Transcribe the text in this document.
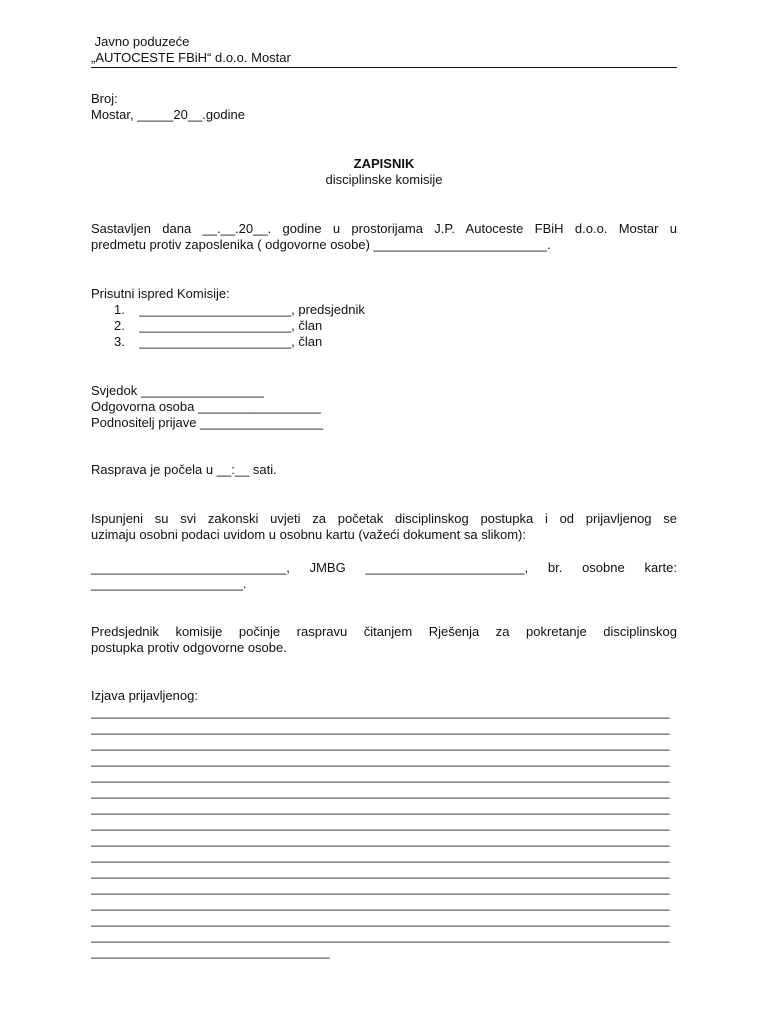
Javno poduzeće
„AUTOCESTE FBiH“ d.o.o. Mostar
Broj:
Mostar, _____20__.godine
ZAPISNIK
disciplinske komisije
Sastavljen dana __.__.20__. godine u prostorijama J.P. Autoceste FBiH d.o.o. Mostar u
predmetu protiv zaposlenika ( odgovorne osobe) ________________________.
Prisutni ispred Komisije:
1. _____________________, predsjednik
2. _____________________, član
3. _____________________, član
Svjedok _________________
Odgovorna osoba _________________
Podnositelj prijave _________________
Rasprava je počela u __:__ sati.
Ispunjeni su svi zakonski uvjeti za početak disciplinskog postupka i od prijavljenog se
uzimaju osobni podaci uvidom u osobnu kartu (važeći dokument sa slikom):
___________________________, JMBG ______________________, br. osobne karte:
_____________________.
Predsjednik komisije počinje raspravu čitanjem Rješenja za pokretanje disciplinskog
postupka protiv odgovorne osobe.
Izjava prijavljenog:
________________________________________________________________________________
________________________________________________________________________________
________________________________________________________________________________
________________________________________________________________________________
________________________________________________________________________________
________________________________________________________________________________
________________________________________________________________________________
________________________________________________________________________________
________________________________________________________________________________
________________________________________________________________________________
________________________________________________________________________________
________________________________________________________________________________
________________________________________________________________________________
________________________________________________________________________________
________________________________________________________________________________
_________________________________
